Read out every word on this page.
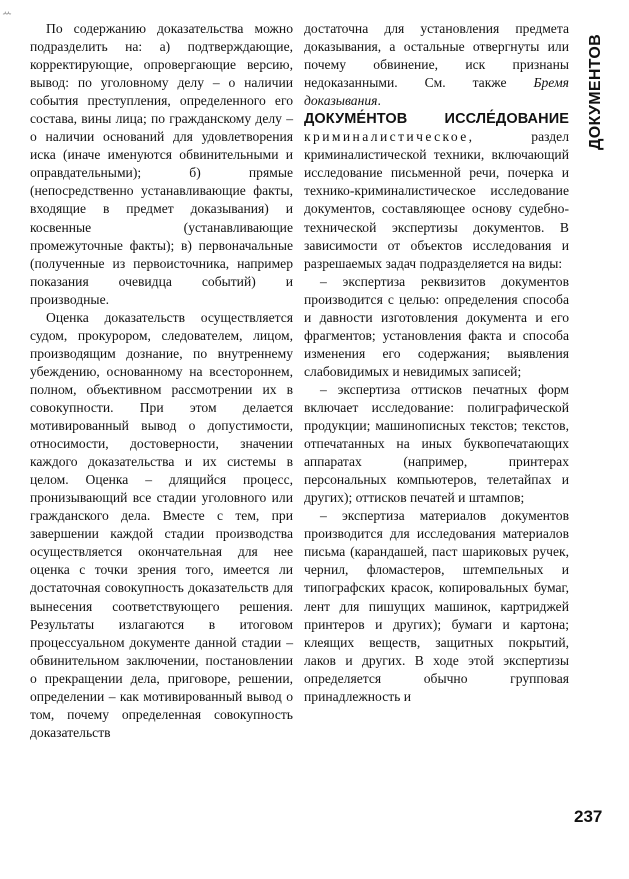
ꕀ

По содержанию доказательства можно подразделить на: а) подтверждающие, корректирующие, опровергающие версию, вывод: по уголовному делу – о наличии события преступления, определенного его состава, вины лица; по гражданскому делу – о наличии оснований для удовлетворения иска (иначе именуются обвинительными и оправдательными); б) прямые (непосредственно устанавливающие факты, входящие в предмет доказывания) и косвенные (устанавливающие промежуточные факты); в) первоначальные (полученные из первоисточника, например показания очевидца событий) и производные.

Оценка доказательств осуществляется судом, прокурором, следователем, лицом, производящим дознание, по внутреннему убеждению, основанному на всестороннем, полном, объективном рассмотрении их в совокупности. При этом делается мотивированный вывод о допустимости, относимости, достоверности, значении каждого доказательства и их системы в целом. Оценка – длящийся процесс, пронизывающий все стадии уголовного или гражданского дела. Вместе с тем, при завершении каждой стадии производства осуществляется окончательная для нее оценка с точки зрения того, имеется ли достаточная совокупность доказательств для вынесения соответствующего решения. Результаты излагаются в итоговом процессуальном документе данной стадии – обвинительном заключении, постановлении о прекращении дела, приговоре, решении, определении – как мотивированный вывод о том, почему определенная совокупность доказательств

достаточна для установления предмета доказывания, а остальные отвергнуты или почему обвинение, иск признаны недоказанными. См. также Бремя доказывания.

ДОКУМЕ́НТОВ ИССЛЕ́ДОВАНИЕ криминалистическое, раздел криминалистической техники, включающий исследование письменной речи, почерка и технико-криминалистическое исследование документов, составляющее основу судебно-технической экспертизы документов. В зависимости от объектов исследования и разрешаемых задач подразделяется на виды:

– экспертиза реквизитов документов производится с целью: определения способа и давности изготовления документа и его фрагментов; установления факта и способа изменения его содержания; выявления слабовидимых и невидимых записей;

– экспертиза оттисков печатных форм включает исследование: полиграфической продукции; машинописных текстов; текстов, отпечатанных на иных буквопечатающих аппаратах (например, принтерах персональных компьютеров, телетайпах и других); оттисков печатей и штампов;

– экспертиза материалов документов производится для исследования материалов письма (карандашей, паст шариковых ручек, чернил, фломастеров, штемпельных и типографских красок, копировальных бумаг, лент для пишущих машинок, картриджей принтеров и других); бумаги и картона; клеящих веществ, защитных покрытий, лаков и других. В ходе этой экспертизы определяется обычно групповая принадлежность и

ДОКУМЕНТОВ
237
